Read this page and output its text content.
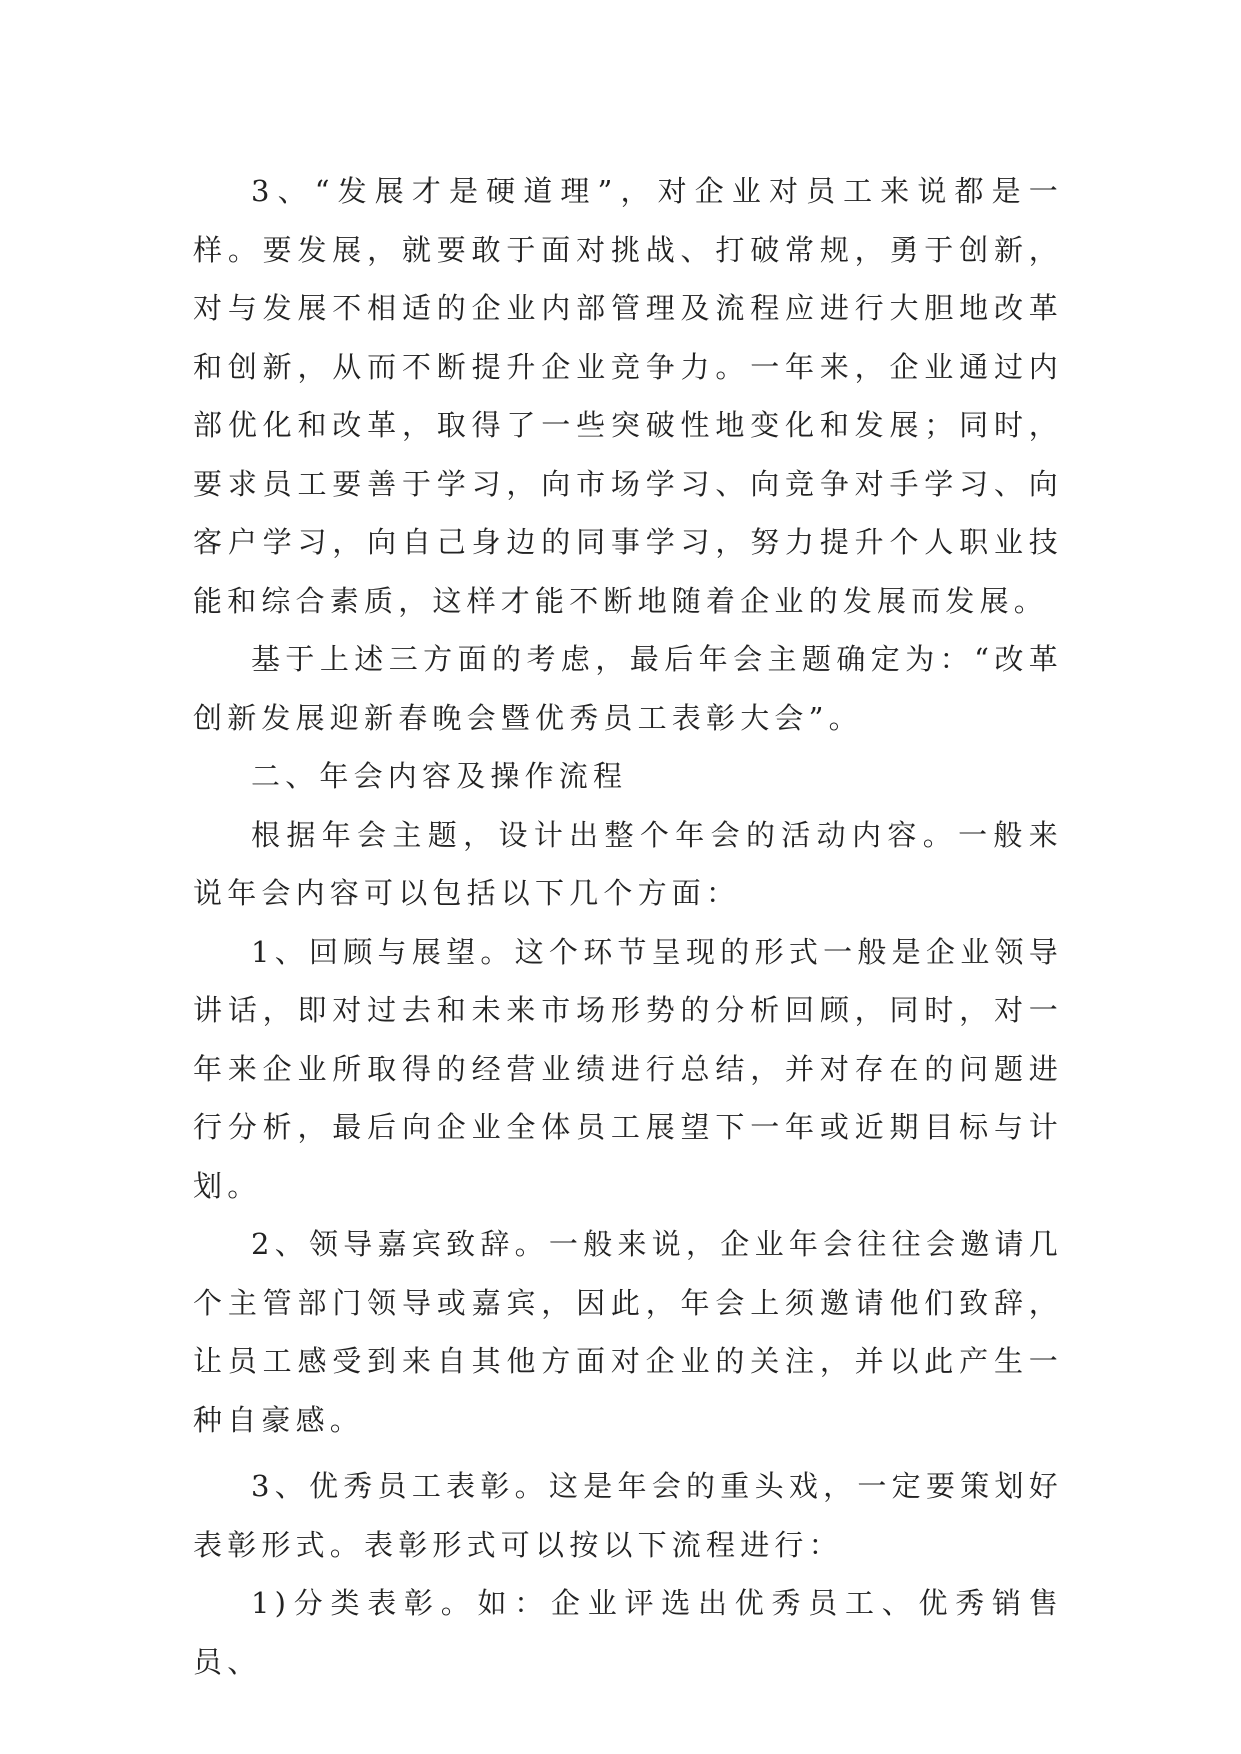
3、“发展才是硬道理”，对企业对员工来说都是一样。要发展，就要敢于面对挑战、打破常规，勇于创新，对与发展不相适的企业内部管理及流程应进行大胆地改革和创新，从而不断提升企业竞争力。一年来，企业通过内部优化和改革，取得了一些突破性地变化和发展；同时，要求员工要善于学习，向市场学习、向竞争对手学习、向客户学习，向自己身边的同事学习，努力提升个人职业技能和综合素质，这样才能不断地随着企业的发展而发展。

基于上述三方面的考虑，最后年会主题确定为：“改革创新发展迎新春晚会暨优秀员工表彰大会”。

二、年会内容及操作流程

根据年会主题，设计出整个年会的活动内容。一般来说年会内容可以包括以下几个方面：

1、回顾与展望。这个环节呈现的形式一般是企业领导讲话，即对过去和未来市场形势的分析回顾，同时，对一年来企业所取得的经营业绩进行总结，并对存在的问题进行分析，最后向企业全体员工展望下一年或近期目标与计划。

2、领导嘉宾致辞。一般来说，企业年会往往会邀请几个主管部门领导或嘉宾，因此，年会上须邀请他们致辞，让员工感受到来自其他方面对企业的关注，并以此产生一种自豪感。

3、优秀员工表彰。这是年会的重头戏，一定要策划好表彰形式。表彰形式可以按以下流程进行：

1)分类表彰。如：企业评选出优秀员工、优秀销售员、
